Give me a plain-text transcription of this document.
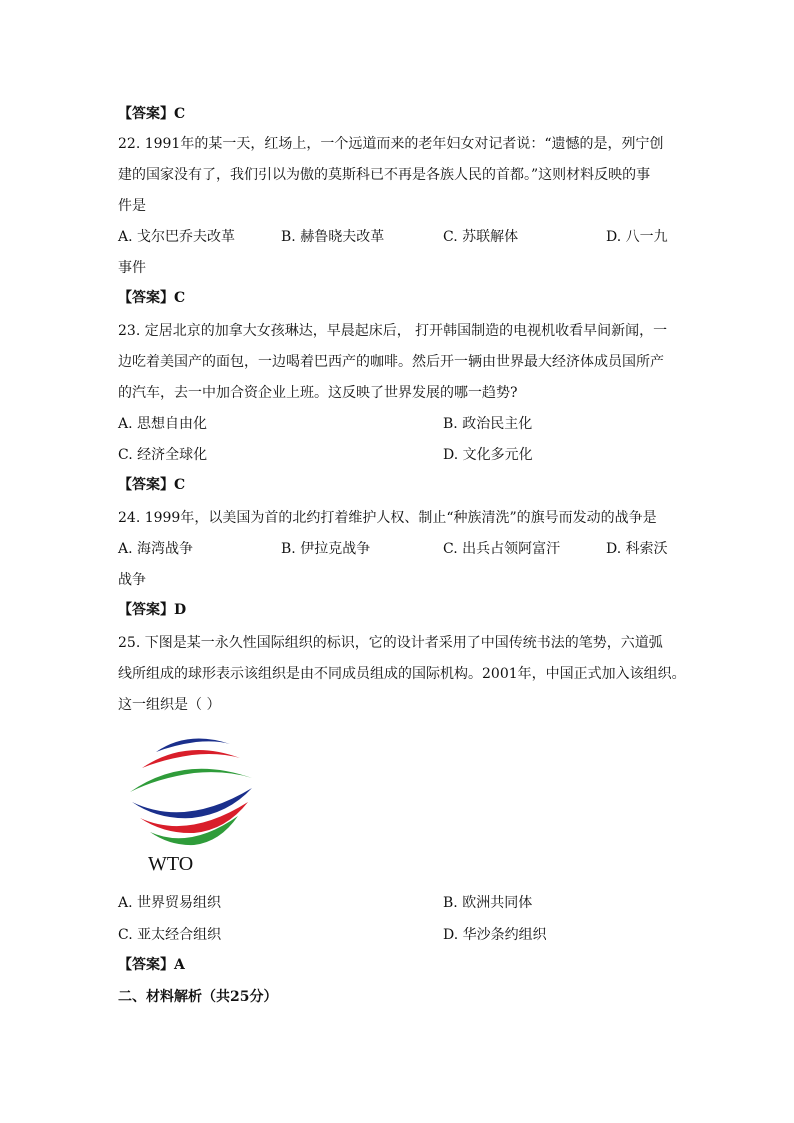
【答案】C
22. 1991年的某一天，红场上，一个远道而来的老年妇女对记者说：“遗憾的是，列宁创
建的国家没有了，我们引以为傲的莫斯科已不再是各族人民的首都。”这则材料反映的事
件是
A. 戈尔巴乔夫改革	B. 赫鲁晓夫改革	C. 苏联解体	D. 八一九
事件
【答案】C
23. 定居北京的加拿大女孩琳达，早晨起床后， 打开韩国制造的电视机收看早间新闻，一
边吃着美国产的面包，一边喝着巴西产的咖啡。然后开一辆由世界最大经济体成员国所产
的汽车，去一中加合资企业上班。这反映了世界发展的哪一趋势?
A. 思想自由化	B. 政治民主化
C. 经济全球化	D. 文化多元化
【答案】C
24. 1999年，以美国为首的北约打着维护人权、制止“种族清洗”的旗号而发动的战争是
A. 海湾战争	B. 伊拉克战争	C. 出兵占领阿富汗	D. 科索沃
战争
【答案】D
25. 下图是某一永久性国际组织的标识，它的设计者采用了中国传统书法的笔势，六道弧
线所组成的球形表示该组织是由不同成员组成的国际机构。2001年，中国正式加入该组织。
这一组织是（ ）
WTO
A. 世界贸易组织	B. 欧洲共同体
C. 亚太经合组织	D. 华沙条约组织
【答案】A
二、材料解析（共25分）
